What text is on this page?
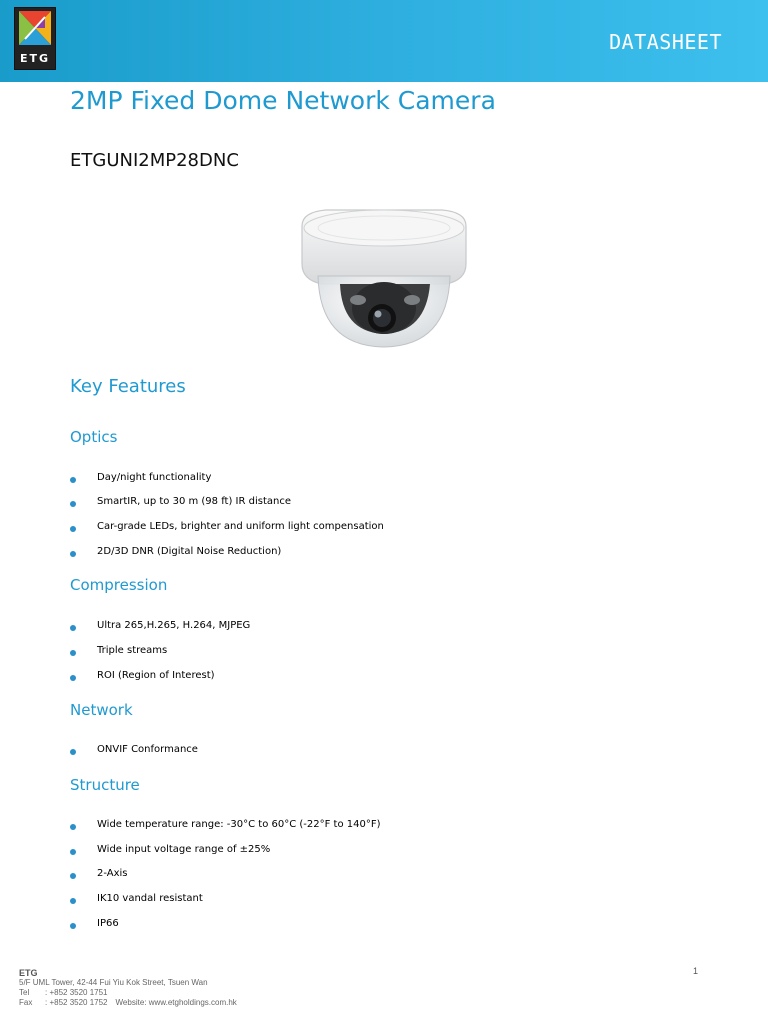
ETG
DATASHEET
2MP Fixed Dome Network Camera
ETGUNI2MP28DNC
Key Features
Optics
Day/night functionality
SmartIR, up to 30 m (98 ft) IR distance
Car-grade LEDs, brighter and uniform light compensation
2D/3D DNR (Digital Noise Reduction)
Compression
Ultra 265,H.265, H.264, MJPEG
Triple streams
ROI (Region of Interest)
Network
ONVIF Conformance
Structure
Wide temperature range: -30°C to 60°C (-22°F to 140°F)
Wide input voltage range of ±25%
2-Axis
IK10 vandal resistant
IP66
1
ETG
5/F UML Tower, 42-44 Fui Yiu Kok Street, Tsuen Wan
Tel : +852 3520 1751
Fax : +852 3520 1752 Website: www.etgholdings.com.hk
